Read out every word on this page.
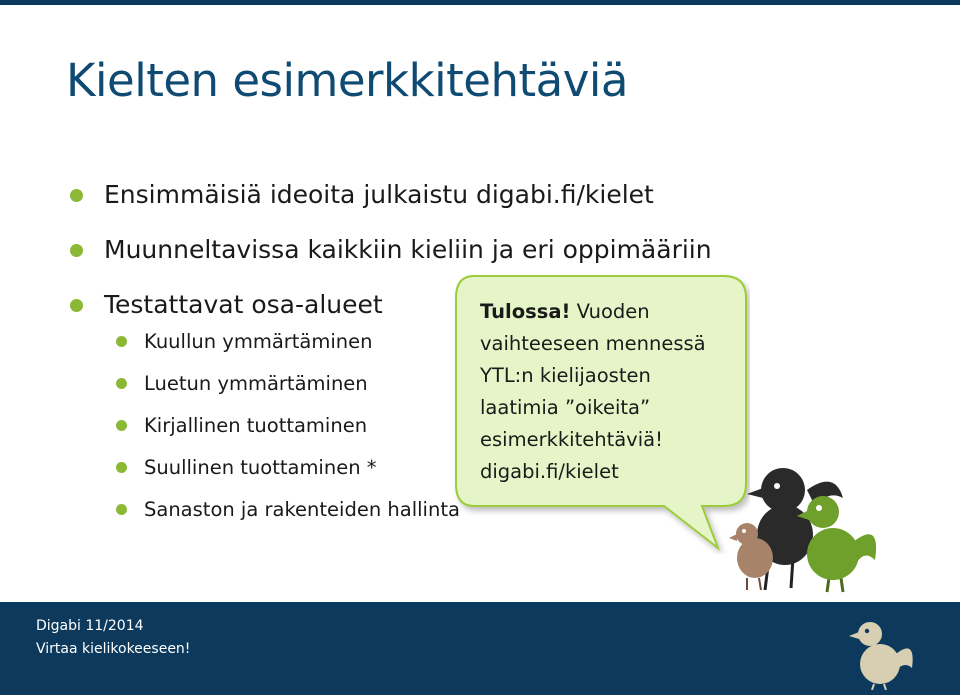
Kielten esimerkkitehtäviä
Ensimmäisiä ideoita julkaistu digabi.fi/kielet
Muunneltavissa kaikkiin kieliin ja eri oppimääriin
Testattavat osa-alueet
Kuullun ymmärtäminen
Luetun ymmärtäminen
Kirjallinen tuottaminen
Suullinen tuottaminen *
Sanaston ja rakenteiden hallinta
Tulossa! Vuoden
vaihteeseen mennessä
YTL:n kielijaosten
laatimia ”oikeita”
esimerkkitehtäviä!
digabi.fi/kielet
Digabi 11/2014
Virtaa kielikokeeseen!
